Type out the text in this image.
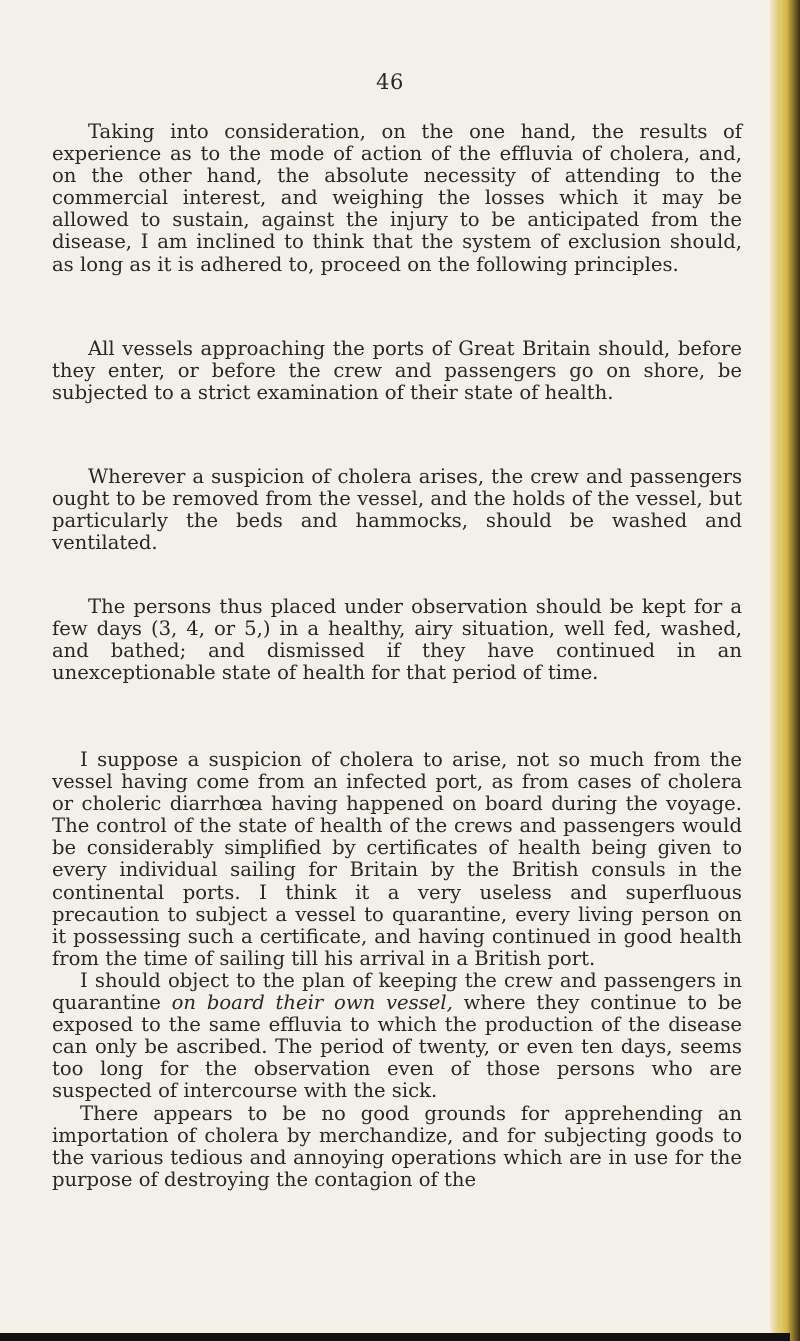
46

Taking into consideration, on the one hand, the results of experience as to the mode of action of the effluvia of cholera, and, on the other hand, the absolute necessity of attending to the commercial interest, and weighing the losses which it may be allowed to sustain, against the injury to be anticipated from the disease, I am inclined to think that the system of exclusion should, as long as it is adhered to, proceed on the following principles.

All vessels approaching the ports of Great Britain should, before they enter, or before the crew and passengers go on shore, be subjected to a strict examination of their state of health.

Wherever a suspicion of cholera arises, the crew and passengers ought to be removed from the vessel, and the holds of the vessel, but particularly the beds and hammocks, should be washed and ventilated.

The persons thus placed under observation should be kept for a few days (3, 4, or 5,) in a healthy, airy situation, well fed, washed, and bathed; and dismissed if they have continued in an unexceptionable state of health for that period of time.

I suppose a suspicion of cholera to arise, not so much from the vessel having come from an infected port, as from cases of cholera or choleric diarrhœa having happened on board during the voyage. The control of the state of health of the crews and passengers would be considerably simplified by certificates of health being given to every individual sailing for Britain by the British consuls in the continental ports. I think it a very useless and superfluous precaution to subject a vessel to quarantine, every living person on it possessing such a certificate, and having continued in good health from the time of sailing till his arrival in a British port.

I should object to the plan of keeping the crew and passengers in quarantine on board their own vessel, where they continue to be exposed to the same effluvia to which the production of the disease can only be ascribed. The period of twenty, or even ten days, seems too long for the observation even of those persons who are suspected of intercourse with the sick.

There appears to be no good grounds for apprehending an importation of cholera by merchandize, and for subjecting goods to the various tedious and annoying operations which are in use for the purpose of destroying the contagion of the
